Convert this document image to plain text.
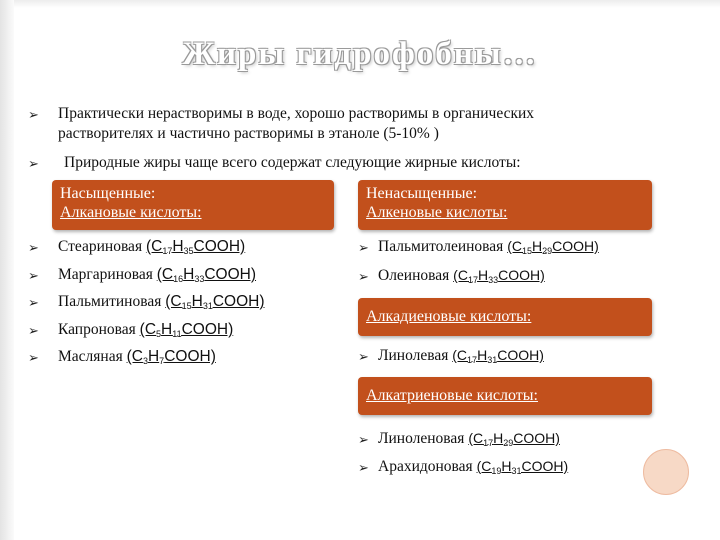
Жиры гидрофобны…
➢ Практически нерастворимы в воде, хорошо растворимы в органических
растворителях и частично растворимы в этаноле (5-10% )
➢ Природные жиры чаще всего содержат следующие жирные кислоты:
Насыщенные:
Алкановые кислоты:
Ненасыщенные:
Алкеновые кислоты:
➢ Стеариновая $(C_{17}H_{35}COOH)$
➢ Маргариновая $(C_{16}H_{33}COOH)$
➢ Пальмитиновая $(C_{15}H_{31}COOH)$
➢ Капроновая $(C_5H_{11}COOH)$
➢ Масляная $(C_3H_7COOH)$
➢ Пальмитолеиновая $(C_{15}H_{29}COOH)$
➢ Олеиновая $(C_{17}H_{33}COOH)$
Алкадиеновые кислоты:
➢ Линолевая $(C_{17}H_{31}COOH)$
Алкатриеновые кислоты:
➢ Линоленовая $(C_{17}H_{29}COOH)$
➢ Арахидоновая $(C_{19}H_{31}COOH)$
